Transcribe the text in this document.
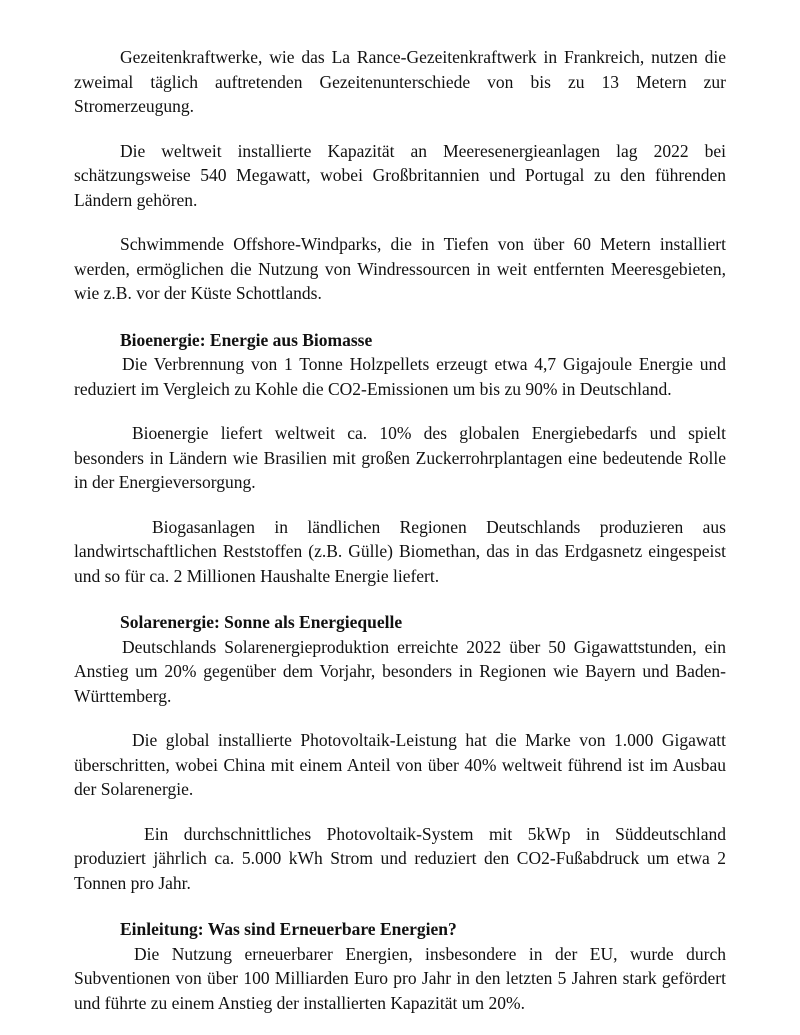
Gezeitenkraftwerke, wie das La Rance-Gezeitenkraftwerk in Frankreich, nutzen die zweimal täglich auftretenden Gezeitenunterschiede von bis zu 13 Metern zur Stromerzeugung.

Die weltweit installierte Kapazität an Meeresenergieanlagen lag 2022 bei schätzungsweise 540 Megawatt, wobei Großbritannien und Portugal zu den führenden Ländern gehören.

Schwimmende Offshore-Windparks, die in Tiefen von über 60 Metern installiert werden, ermöglichen die Nutzung von Windressourcen in weit entfernten Meeresgebieten, wie z.B. vor der Küste Schottlands.

Bioenergie: Energie aus Biomasse

Die Verbrennung von 1 Tonne Holzpellets erzeugt etwa 4,7 Gigajoule Energie und reduziert im Vergleich zu Kohle die CO2-Emissionen um bis zu 90% in Deutschland.

Bioenergie liefert weltweit ca. 10% des globalen Energiebedarfs und spielt besonders in Ländern wie Brasilien mit großen Zuckerrohrplantagen eine bedeutende Rolle in der Energieversorgung.

Biogasanlagen in ländlichen Regionen Deutschlands produzieren aus landwirtschaftlichen Reststoffen (z.B. Gülle) Biomethan, das in das Erdgasnetz eingespeist und so für ca. 2 Millionen Haushalte Energie liefert.

Solarenergie: Sonne als Energiequelle

Deutschlands Solarenergieproduktion erreichte 2022 über 50 Gigawattstunden, ein Anstieg um 20% gegenüber dem Vorjahr, besonders in Regionen wie Bayern und Baden-Württemberg.

Die global installierte Photovoltaik-Leistung hat die Marke von 1.000 Gigawatt überschritten, wobei China mit einem Anteil von über 40% weltweit führend ist im Ausbau der Solarenergie.

Ein durchschnittliches Photovoltaik-System mit 5kWp in Süddeutschland produziert jährlich ca. 5.000 kWh Strom und reduziert den CO2-Fußabdruck um etwa 2 Tonnen pro Jahr.

Einleitung: Was sind Erneuerbare Energien?

Die Nutzung erneuerbarer Energien, insbesondere in der EU, wurde durch Subventionen von über 100 Milliarden Euro pro Jahr in den letzten 5 Jahren stark gefördert und führte zu einem Anstieg der installierten Kapazität um 20%.
